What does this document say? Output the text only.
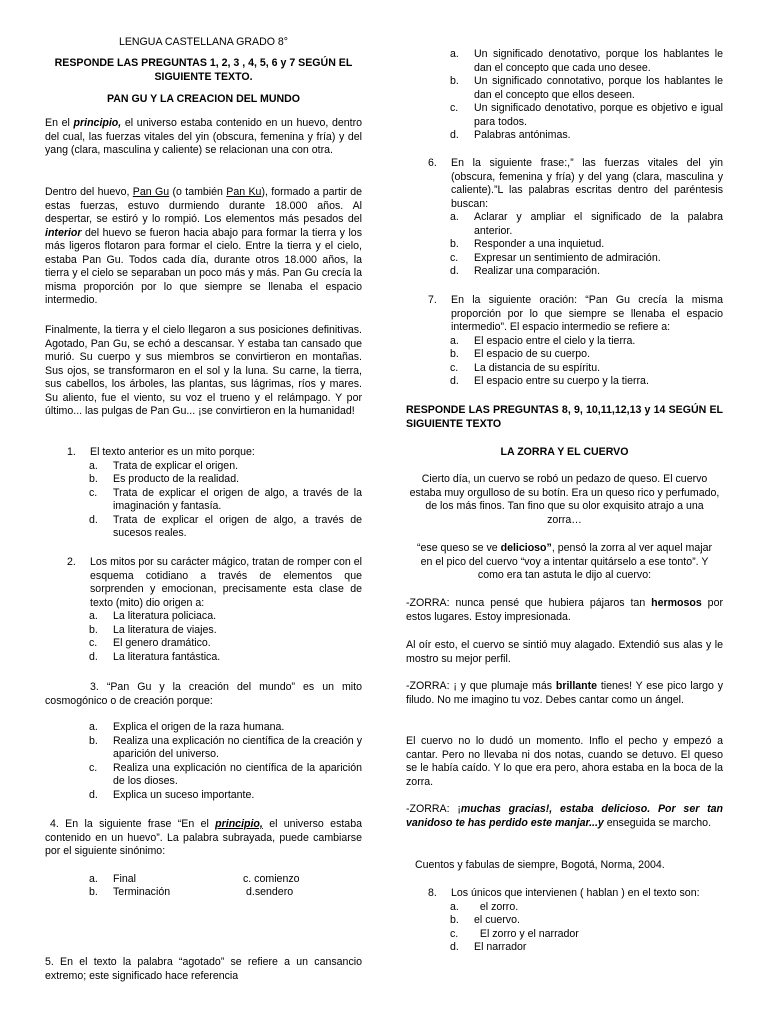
LENGUA CASTELLANA GRADO 8°

RESPONDE LAS PREGUNTAS 1, 2, 3 , 4, 5, 6 y 7 SEGÚN EL SIGUIENTE TEXTO.

PAN GU Y LA CREACION DEL MUNDO

En el principio, el universo estaba contenido en un huevo, dentro del cual, las fuerzas vitales del yin (obscura, femenina y fría) y del yang (clara, masculina y caliente) se relacionan una con otra.

Dentro del huevo, Pan Gu (o también Pan Ku), formado a partir de estas fuerzas, estuvo durmiendo durante 18.000 años. Al despertar, se estiró y lo rompió. Los elementos más pesados del interior del huevo se fueron hacia abajo para formar la tierra y los más ligeros flotaron para formar el cielo. Entre la tierra y el cielo, estaba Pan Gu. Todos cada día, durante otros 18.000 años, la tierra y el cielo se separaban un poco más y más. Pan Gu crecía la misma proporción por lo que siempre se llenaba el espacio intermedio.

Finalmente, la tierra y el cielo llegaron a sus posiciones definitivas. Agotado, Pan Gu, se echó a descansar. Y estaba tan cansado que murió. Su cuerpo y sus miembros se convirtieron en montañas. Sus ojos, se transformaron en el sol y la luna. Su carne, la tierra, sus cabellos, los árboles, las plantas, sus lágrimas, ríos y mares. Su aliento, fue el viento, su voz el trueno y el relámpago. Y por último... las pulgas de Pan Gu... ¡se convirtieron en la humanidad!

1. El texto anterior es un mito porque:

a. Trata de explicar el origen.

b. Es producto de la realidad.

c. Trata de explicar el origen de algo, a través de la imaginación y fantasía.

d. Trata de explicar el origen de algo, a través de sucesos reales.

2. Los mitos por su carácter mágico, tratan de romper con el esquema cotidiano a través de elementos que sorprenden y emocionan, precisamente esta clase de texto (mito) dio origen a:

a. La literatura policiaca.

b. La literatura de viajes.

c. El genero dramático.

d. La literatura fantástica.

3. “Pan Gu y la creación del mundo” es un mito cosmogónico o de creación porque:

a. Explica el origen de la raza humana.

b. Realiza una explicación no científica de la creación y aparición del universo.

c. Realiza una explicación no científica de la aparición de los dioses.

d. Explica un suceso importante.

4. En la siguiente frase “En el principio, el universo estaba contenido en un huevo”. La palabra subrayada, puede cambiarse por el siguiente sinónimo:

a. Final	c. comienzo
b. Terminación	d.sendero

5. En el texto la palabra “agotado” se refiere a un cansancio extremo; este significado hace referencia

a. Un significado denotativo, porque los hablantes le dan el concepto que cada uno desee.

b. Un significado connotativo, porque los hablantes le dan el concepto que ellos deseen.

c. Un significado denotativo, porque es objetivo e igual para todos.

d. Palabras antónimas.

6. En la siguiente frase:,” las fuerzas vitales del yin (obscura, femenina y fría) y del yang (clara, masculina y caliente).”L las palabras escritas dentro del paréntesis buscan:

a. Aclarar y ampliar el significado de la palabra anterior.

b. Responder a una inquietud.

c. Expresar un sentimiento de admiración.

d. Realizar una comparación.

7. En la siguiente oración: “Pan Gu crecía la misma proporción por lo que siempre se llenaba el espacio intermedio”. El espacio intermedio se refiere a:

a. El espacio entre el cielo y la tierra.

b. El espacio de su cuerpo.

c. La distancia de su espíritu.

d. El espacio entre su cuerpo y la tierra.

RESPONDE LAS PREGUNTAS 8, 9, 10,11,12,13 y 14 SEGÚN EL SIGUIENTE TEXTO

LA ZORRA Y EL CUERVO

Cierto día, un cuervo se robó un pedazo de queso. El cuervo estaba muy orgulloso de su botín. Era un queso rico y perfumado, de los más finos. Tan fino que su olor exquisito atrajo a una zorra…

“ese queso se ve delicioso”, pensó la zorra al ver aquel majar en el pico del cuervo “voy a intentar quitárselo a ese tonto”. Y como era tan astuta le dijo al cuervo:

-ZORRA: nunca pensé que hubiera pájaros tan hermosos por estos lugares. Estoy impresionada.

Al oír esto, el cuervo se sintió muy alagado. Extendió sus alas y le mostro su mejor perfil.

-ZORRA: ¡ y que plumaje más brillante tienes! Y ese pico largo y filudo. No me imagino tu voz. Debes cantar como un ángel.

El cuervo no lo dudó un momento. Inflo el pecho y empezó a cantar. Pero no llevaba ni dos notas, cuando se detuvo. El queso se le había caído. Y lo que era pero, ahora estaba en la boca de la zorra.

-ZORRA: ¡muchas gracias!, estaba delicioso. Por ser tan vanidoso te has perdido este manjar...y enseguida se marcho.

Cuentos y fabulas de siempre, Bogotá, Norma, 2004.

8. Los únicos que intervienen ( hablan ) en el texto son:

a. el zorro.

b. el cuervo.

c. El zorro y el narrador

d. El narrador
